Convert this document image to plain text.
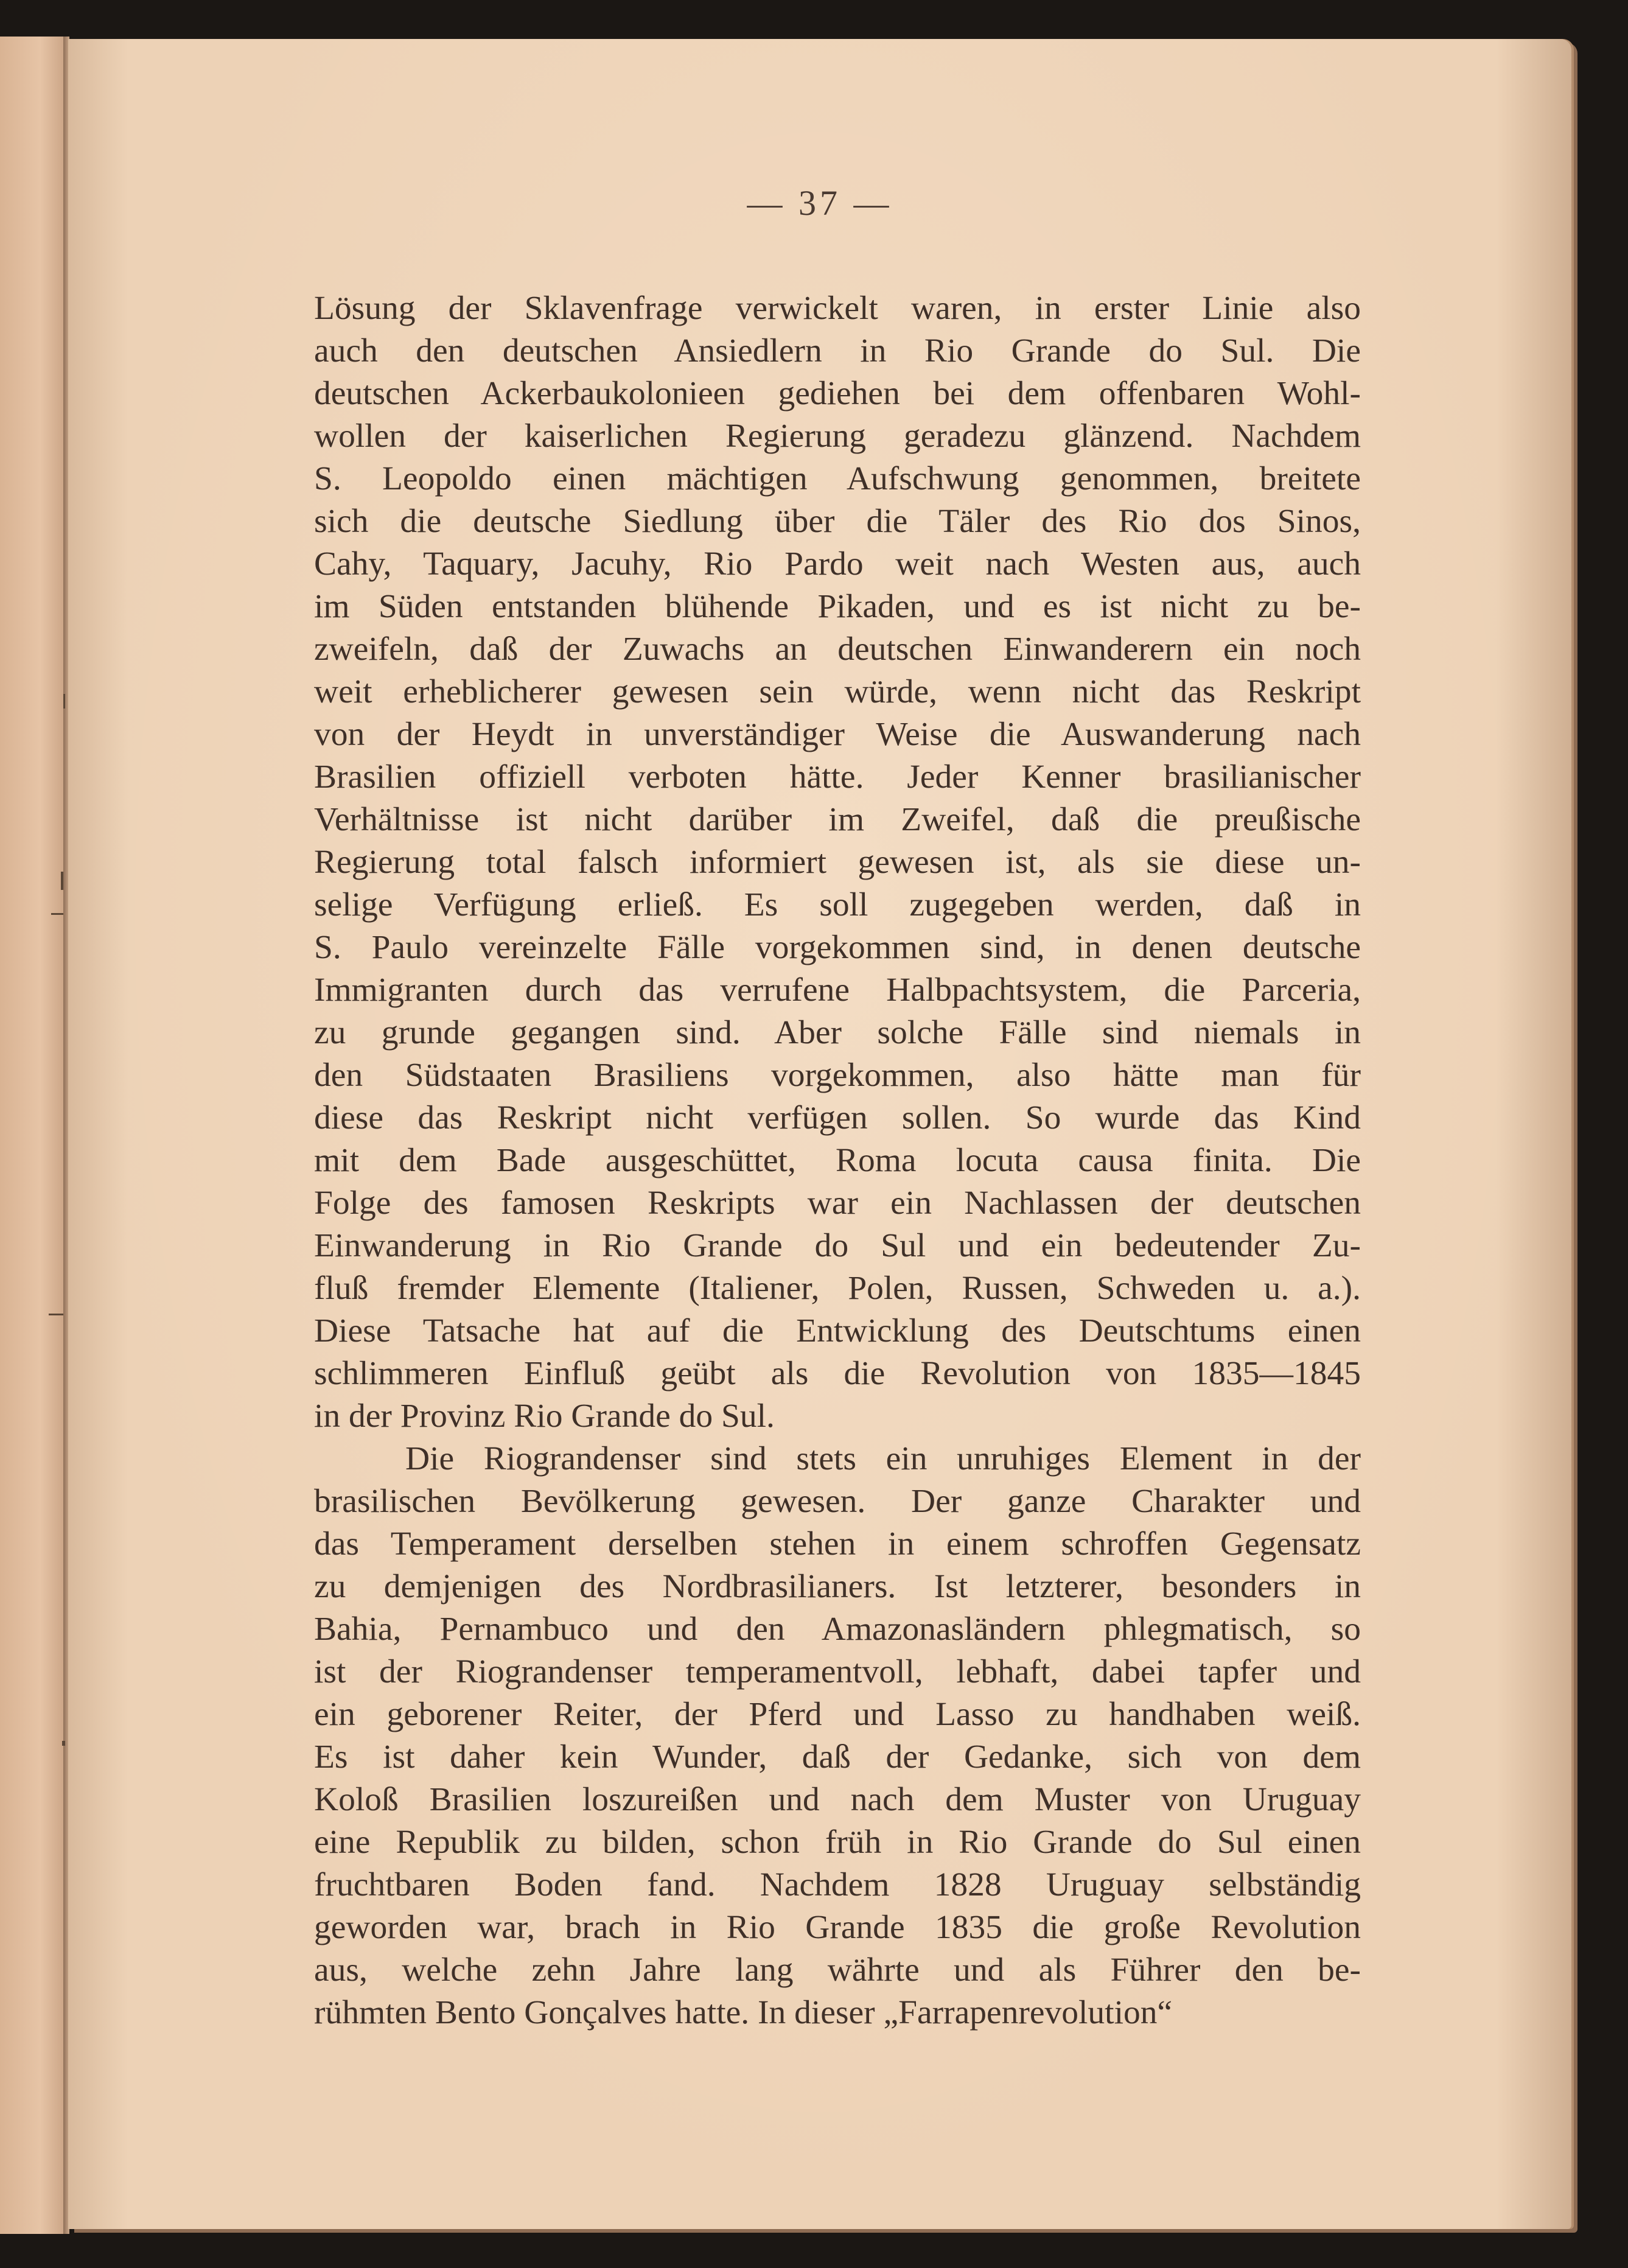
— 37 —
Lösung der Sklavenfrage verwickelt waren, in erster Linie also
auch den deutschen Ansiedlern in Rio Grande do Sul. Die
deutschen Ackerbaukolonieen gediehen bei dem offenbaren Wohl-
wollen der kaiserlichen Regierung geradezu glänzend. Nachdem
S. Leopoldo einen mächtigen Aufschwung genommen, breitete
sich die deutsche Siedlung über die Täler des Rio dos Sinos,
Cahy, Taquary, Jacuhy, Rio Pardo weit nach Westen aus, auch
im Süden entstanden blühende Pikaden, und es ist nicht zu be-
zweifeln, daß der Zuwachs an deutschen Einwanderern ein noch
weit erheblicherer gewesen sein würde, wenn nicht das Reskript
von der Heydt in unverständiger Weise die Auswanderung nach
Brasilien offiziell verboten hätte. Jeder Kenner brasilianischer
Verhältnisse ist nicht darüber im Zweifel, daß die preußische
Regierung total falsch informiert gewesen ist, als sie diese un-
selige Verfügung erließ. Es soll zugegeben werden, daß in
S. Paulo vereinzelte Fälle vorgekommen sind, in denen deutsche
Immigranten durch das verrufene Halbpachtsystem, die Parceria,
zu grunde gegangen sind. Aber solche Fälle sind niemals in
den Südstaaten Brasiliens vorgekommen, also hätte man für
diese das Reskript nicht verfügen sollen. So wurde das Kind
mit dem Bade ausgeschüttet, Roma locuta causa finita. Die
Folge des famosen Reskripts war ein Nachlassen der deutschen
Einwanderung in Rio Grande do Sul und ein bedeutender Zu-
fluß fremder Elemente (Italiener, Polen, Russen, Schweden u. a.).
Diese Tatsache hat auf die Entwicklung des Deutschtums einen
schlimmeren Einfluß geübt als die Revolution von 1835—1845
in der Provinz Rio Grande do Sul.
Die Riograndenser sind stets ein unruhiges Element in der
brasilischen Bevölkerung gewesen. Der ganze Charakter und
das Temperament derselben stehen in einem schroffen Gegensatz
zu demjenigen des Nordbrasilianers. Ist letzterer, besonders in
Bahia, Pernambuco und den Amazonasländern phlegmatisch, so
ist der Riograndenser temperamentvoll, lebhaft, dabei tapfer und
ein geborener Reiter, der Pferd und Lasso zu handhaben weiß.
Es ist daher kein Wunder, daß der Gedanke, sich von dem
Koloß Brasilien loszureißen und nach dem Muster von Uruguay
eine Republik zu bilden, schon früh in Rio Grande do Sul einen
fruchtbaren Boden fand. Nachdem 1828 Uruguay selbständig
geworden war, brach in Rio Grande 1835 die große Revolution
aus, welche zehn Jahre lang währte und als Führer den be-
rühmten Bento Gonçalves hatte. In dieser „Farrapenrevolution“
